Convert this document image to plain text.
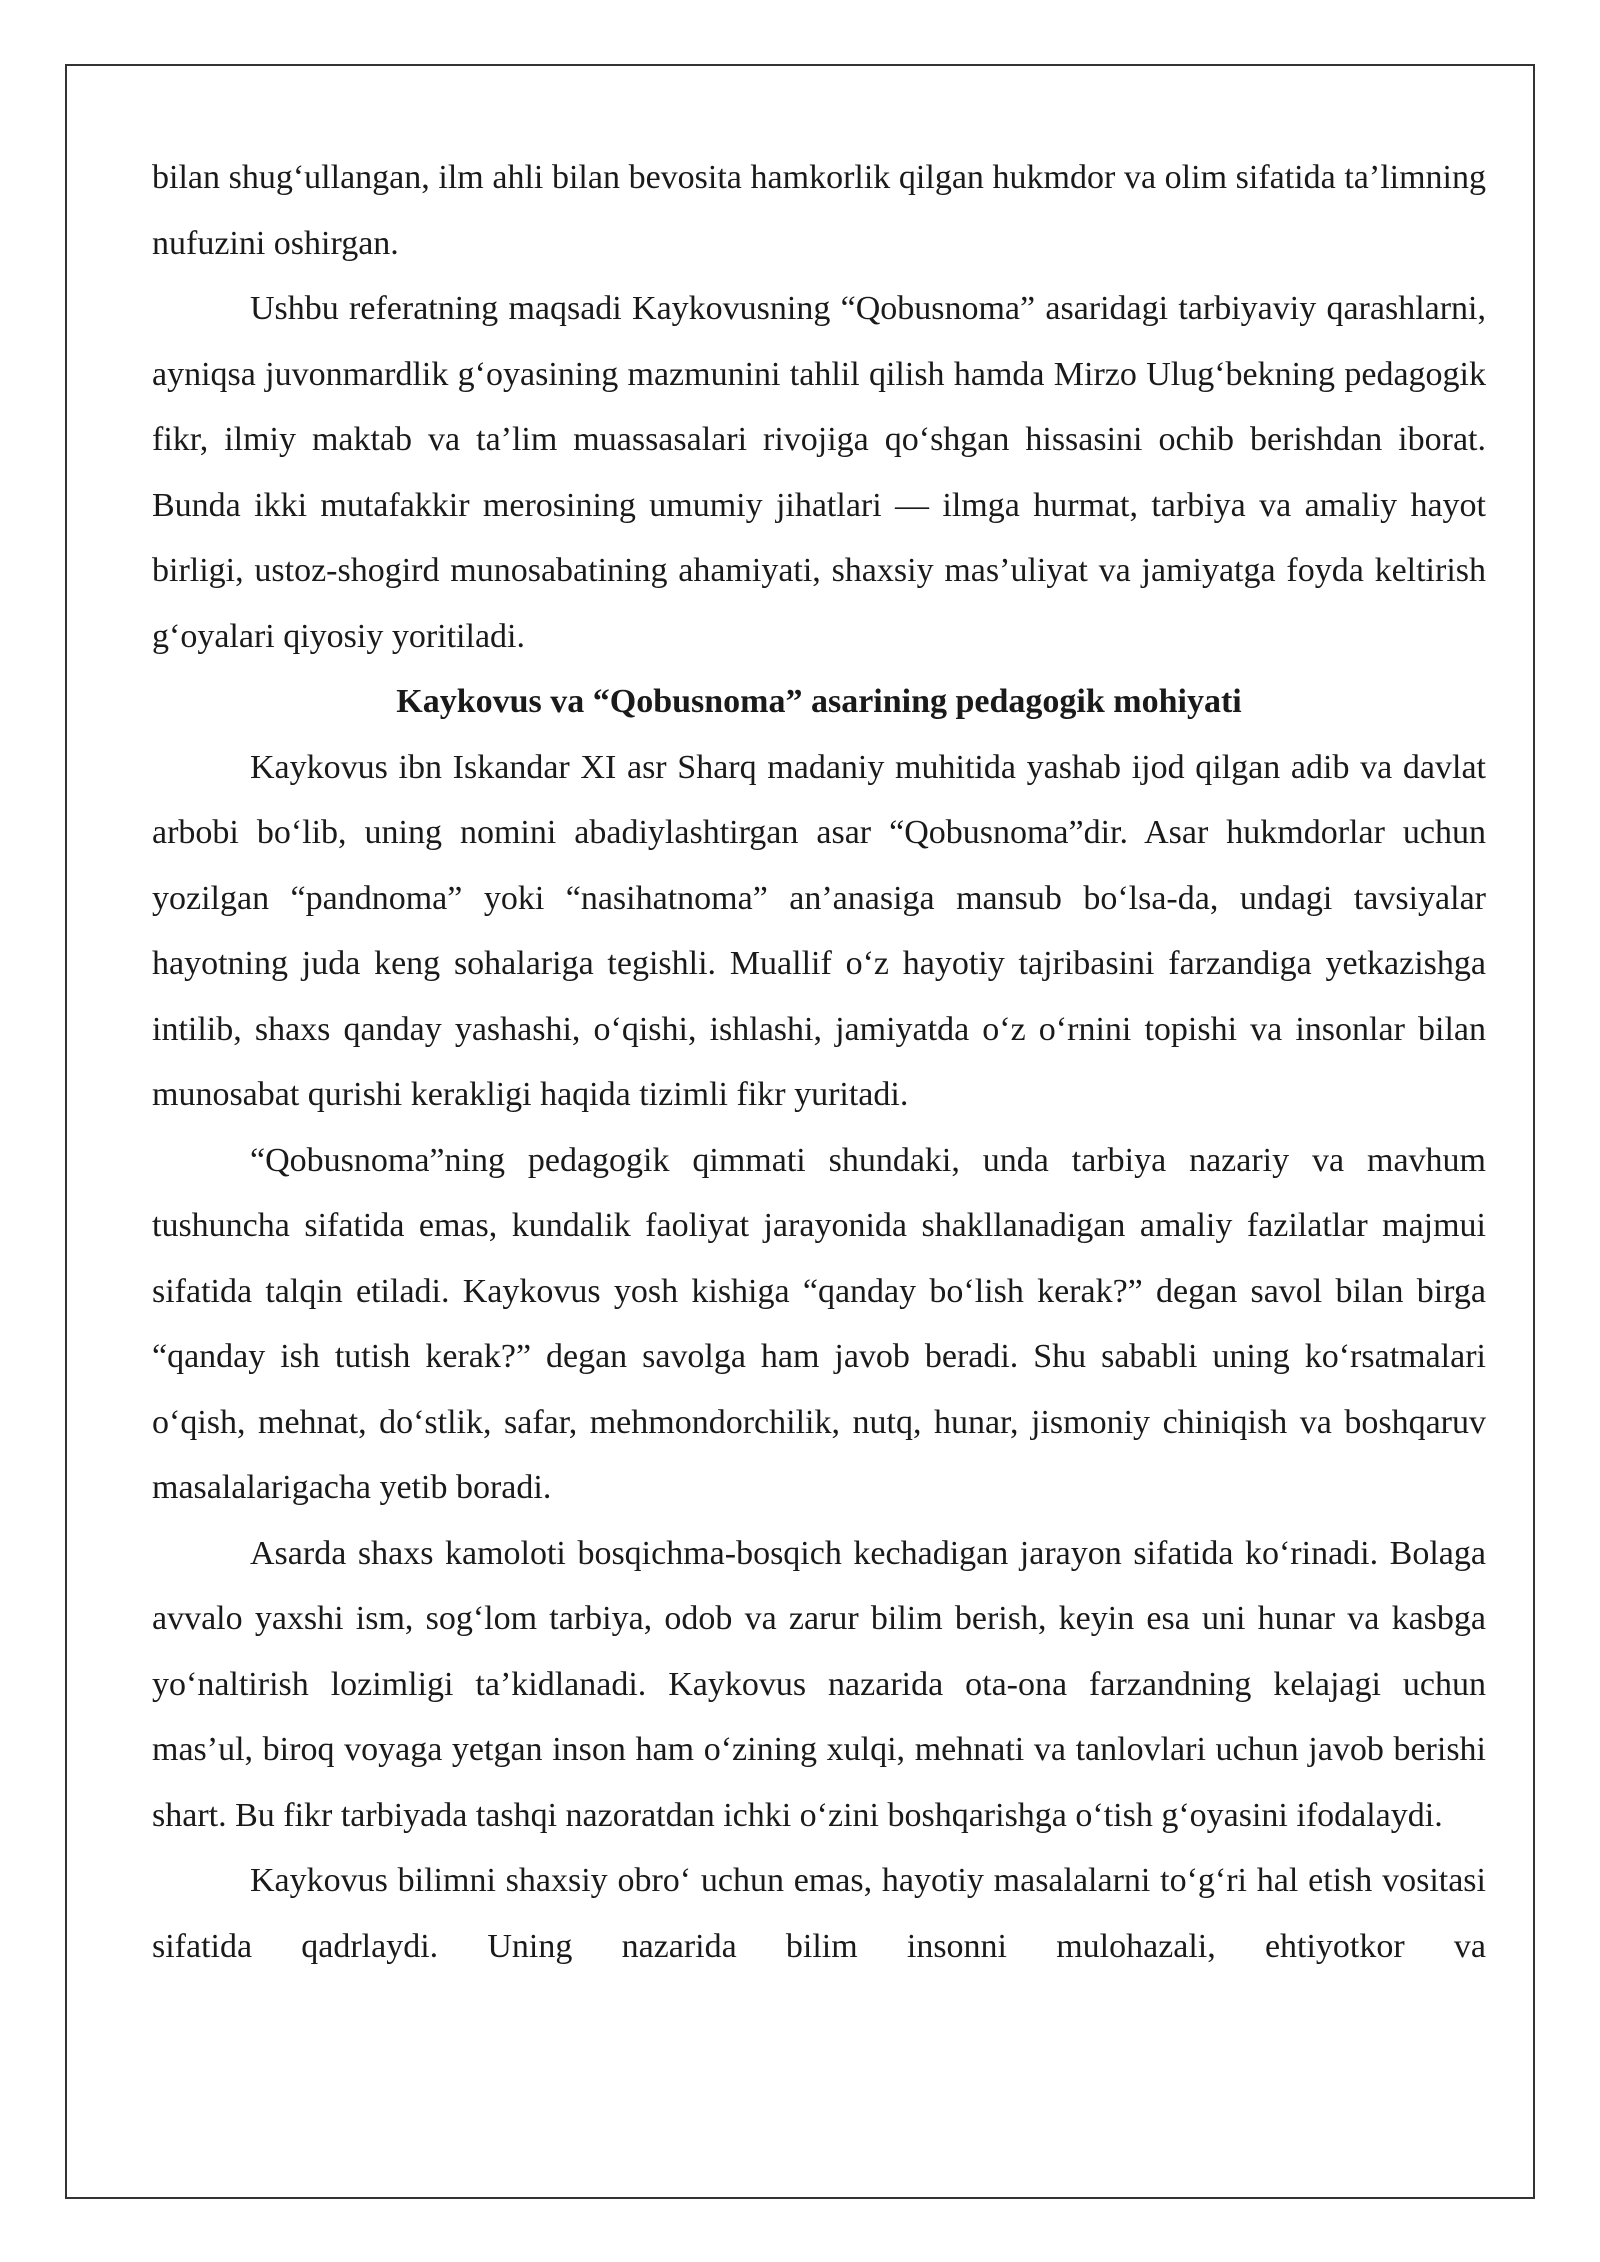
bilan shug‘ullangan, ilm ahli bilan bevosita hamkorlik qilgan hukmdor va olim sifatida ta’limning nufuzini oshirgan.

Ushbu referatning maqsadi Kaykovusning “Qobusnoma” asaridagi tarbiyaviy qarashlarni, ayniqsa juvonmardlik g‘oyasining mazmunini tahlil qilish hamda Mirzo Ulug‘bekning pedagogik fikr, ilmiy maktab va ta’lim muassasalari rivojiga qo‘shgan hissasini ochib berishdan iborat. Bunda ikki mutafakkir merosining umumiy jihatlari — ilmga hurmat, tarbiya va amaliy hayot birligi, ustoz-shogird munosabatining ahamiyati, shaxsiy mas’uliyat va jamiyatga foyda keltirish g‘oyalari qiyosiy yoritiladi.

Kaykovus va “Qobusnoma” asarining pedagogik mohiyati

Kaykovus ibn Iskandar XI asr Sharq madaniy muhitida yashab ijod qilgan adib va davlat arbobi bo‘lib, uning nomini abadiylashtirgan asar “Qobusnoma”dir. Asar hukmdorlar uchun yozilgan “pandnoma” yoki “nasihatnoma” an’anasiga mansub bo‘lsa-da, undagi tavsiyalar hayotning juda keng sohalariga tegishli. Muallif o‘z hayotiy tajribasini farzandiga yetkazishga intilib, shaxs qanday yashashi, o‘qishi, ishlashi, jamiyatda o‘z o‘rnini topishi va insonlar bilan munosabat qurishi kerakligi haqida tizimli fikr yuritadi.

“Qobusnoma”ning pedagogik qimmati shundaki, unda tarbiya nazariy va mavhum tushuncha sifatida emas, kundalik faoliyat jarayonida shakllanadigan amaliy fazilatlar majmui sifatida talqin etiladi. Kaykovus yosh kishiga “qanday bo‘lish kerak?” degan savol bilan birga “qanday ish tutish kerak?” degan savolga ham javob beradi. Shu sababli uning ko‘rsatmalari o‘qish, mehnat, do‘stlik, safar, mehmondorchilik, nutq, hunar, jismoniy chiniqish va boshqaruv masalalarigacha yetib boradi.

Asarda shaxs kamoloti bosqichma-bosqich kechadigan jarayon sifatida ko‘rinadi. Bolaga avvalo yaxshi ism, sog‘lom tarbiya, odob va zarur bilim berish, keyin esa uni hunar va kasbga yo‘naltirish lozimligi ta’kidlanadi. Kaykovus nazarida ota-ona farzandning kelajagi uchun mas’ul, biroq voyaga yetgan inson ham o‘zining xulqi, mehnati va tanlovlari uchun javob berishi shart. Bu fikr tarbiyada tashqi nazoratdan ichki o‘zini boshqarishga o‘tish g‘oyasini ifodalaydi.

Kaykovus bilimni shaxsiy obro‘ uchun emas, hayotiy masalalarni to‘g‘ri hal etish vositasi sifatida qadrlaydi. Uning nazarida bilim insonni mulohazali, ehtiyotkor va
